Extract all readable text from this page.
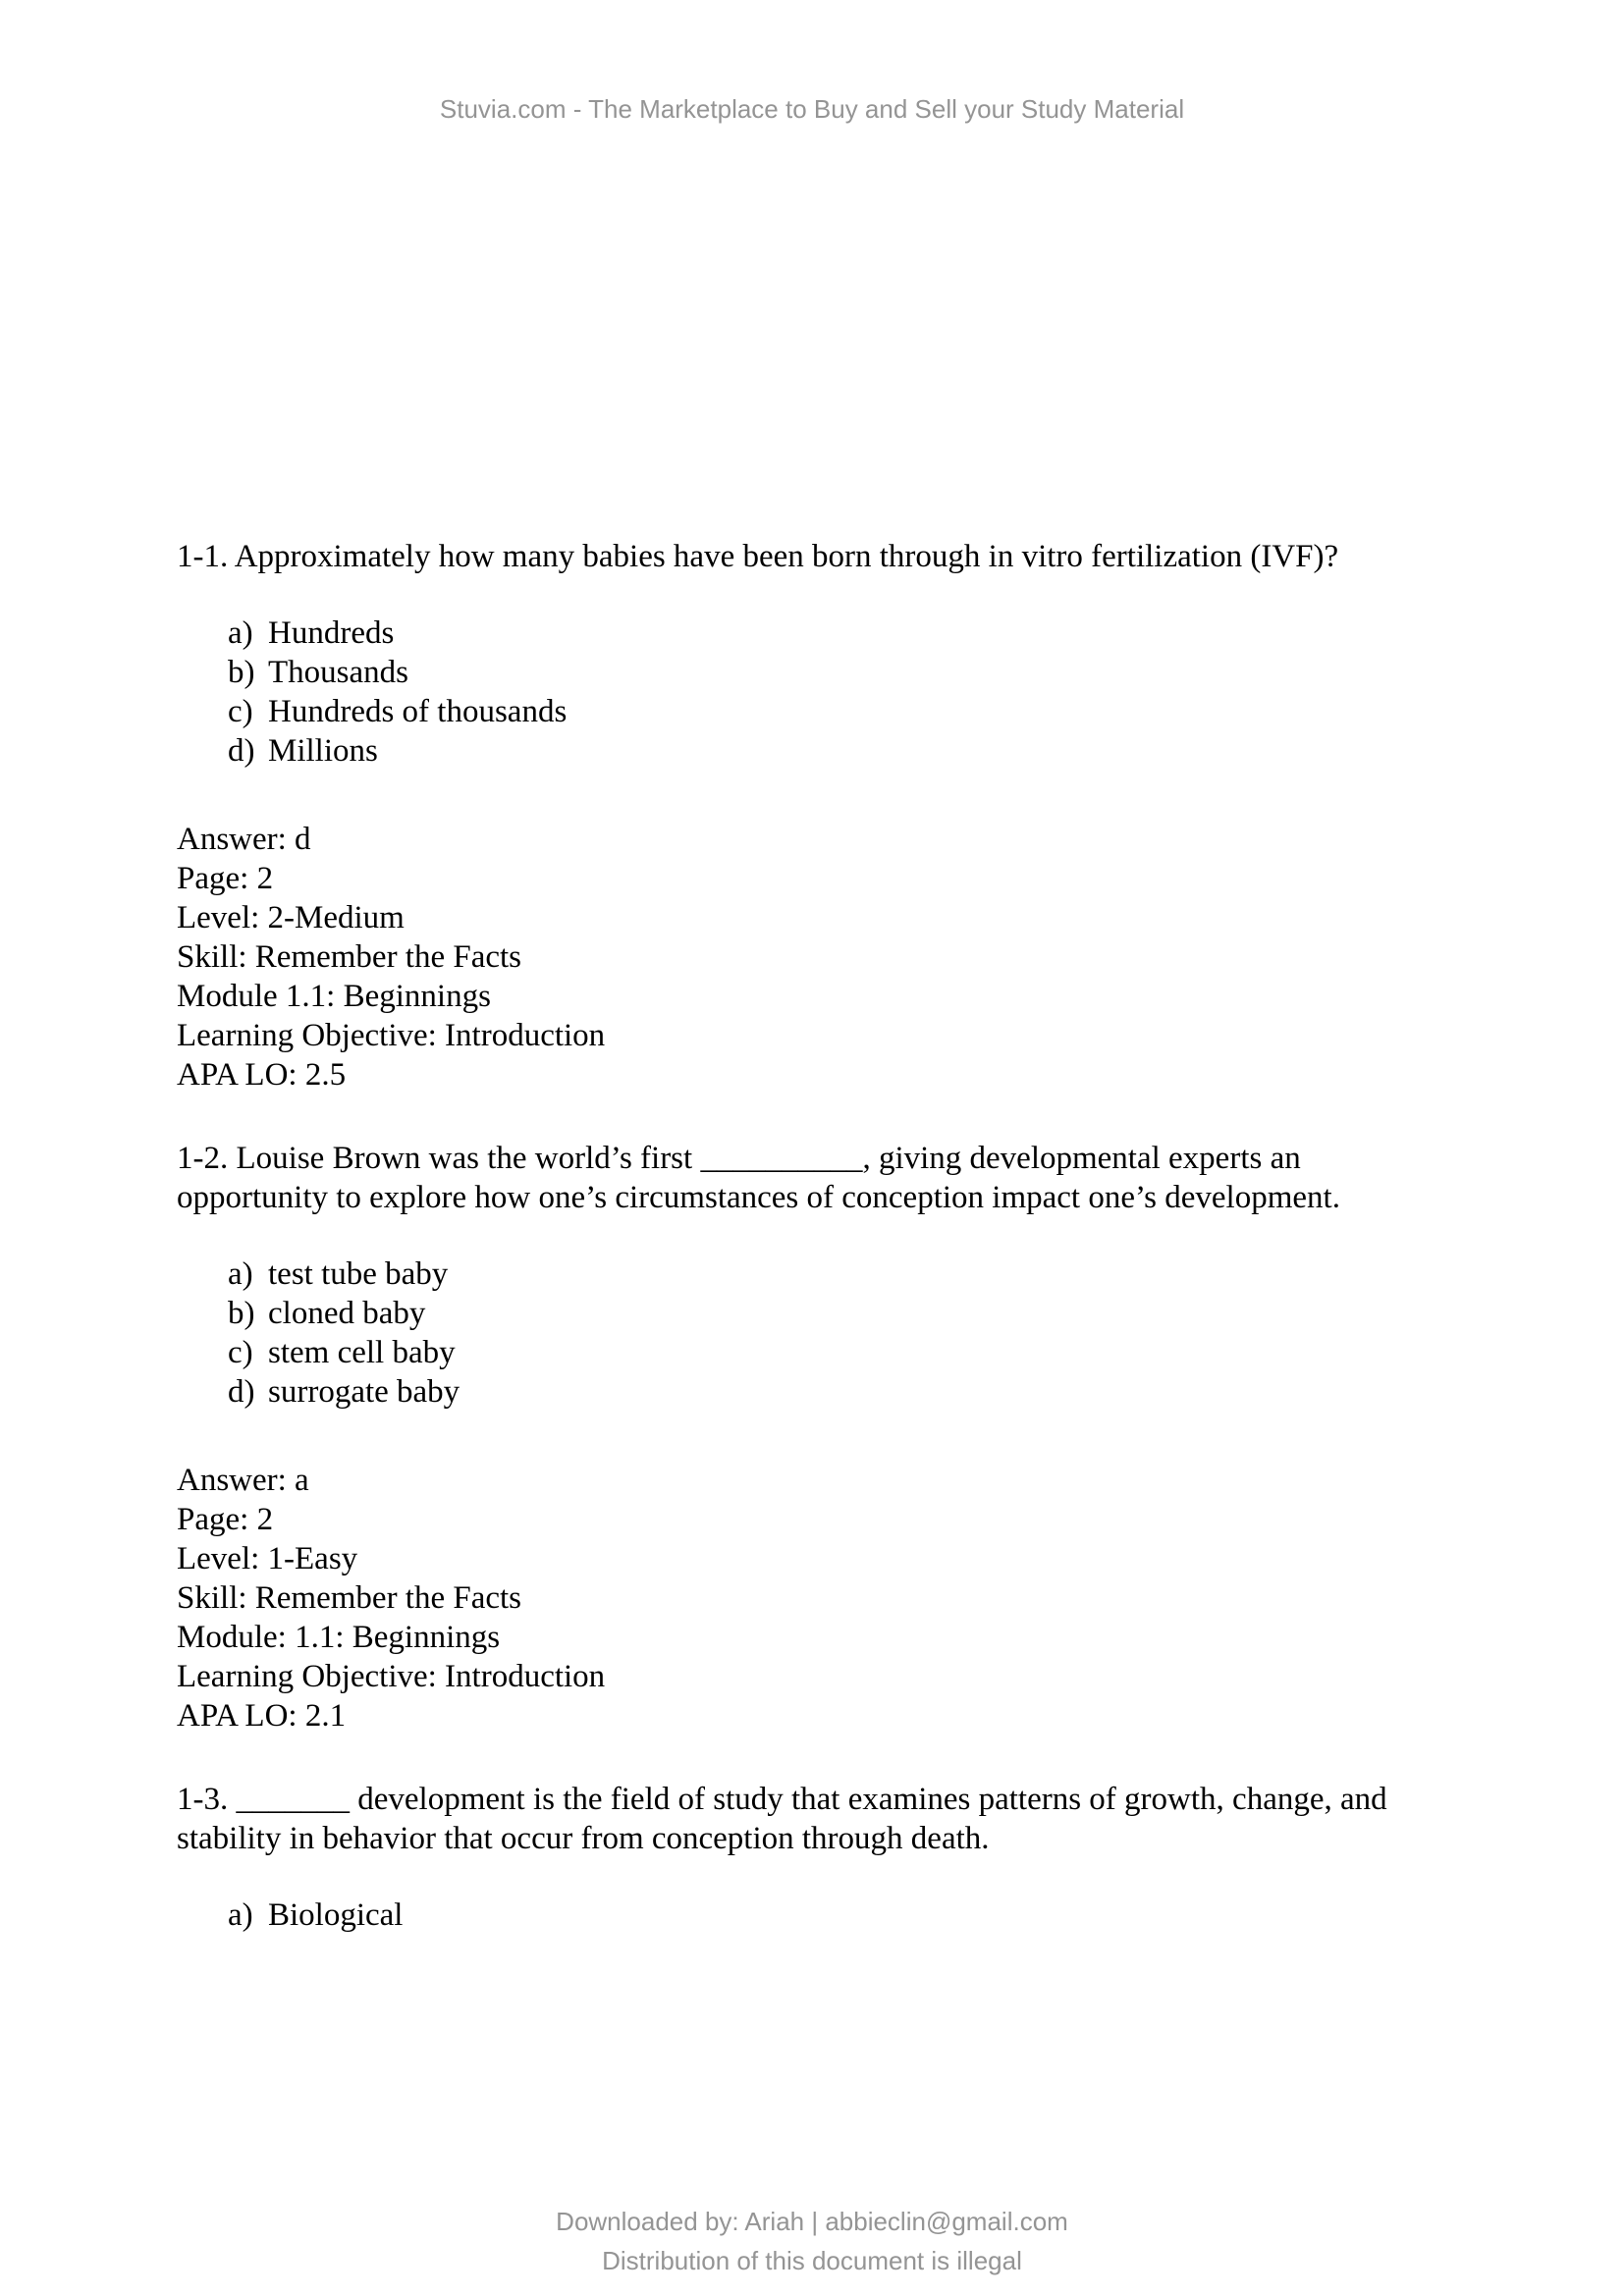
Stuvia.com - The Marketplace to Buy and Sell your Study Material

1-1. Approximately how many babies have been born through in vitro fertilization (IVF)?

a) Hundreds
b) Thousands
c) Hundreds of thousands
d) Millions
Answer: d
Page: 2
Level: 2-Medium
Skill: Remember the Facts
Module 1.1: Beginnings
Learning Objective: Introduction
APA LO: 2.5

1-2. Louise Brown was the world’s first __________, giving developmental experts an opportunity to explore how one’s circumstances of conception impact one’s development.

a) test tube baby
b) cloned baby
c) stem cell baby
d) surrogate baby
Answer: a
Page: 2
Level: 1-Easy
Skill: Remember the Facts
Module: 1.1: Beginnings
Learning Objective: Introduction
APA LO: 2.1

1-3. _______ development is the field of study that examines patterns of growth, change, and stability in behavior that occur from conception through death.

a) Biological
Downloaded by: Ariah | abbieclin@gmail.com
Distribution of this document is illegal
